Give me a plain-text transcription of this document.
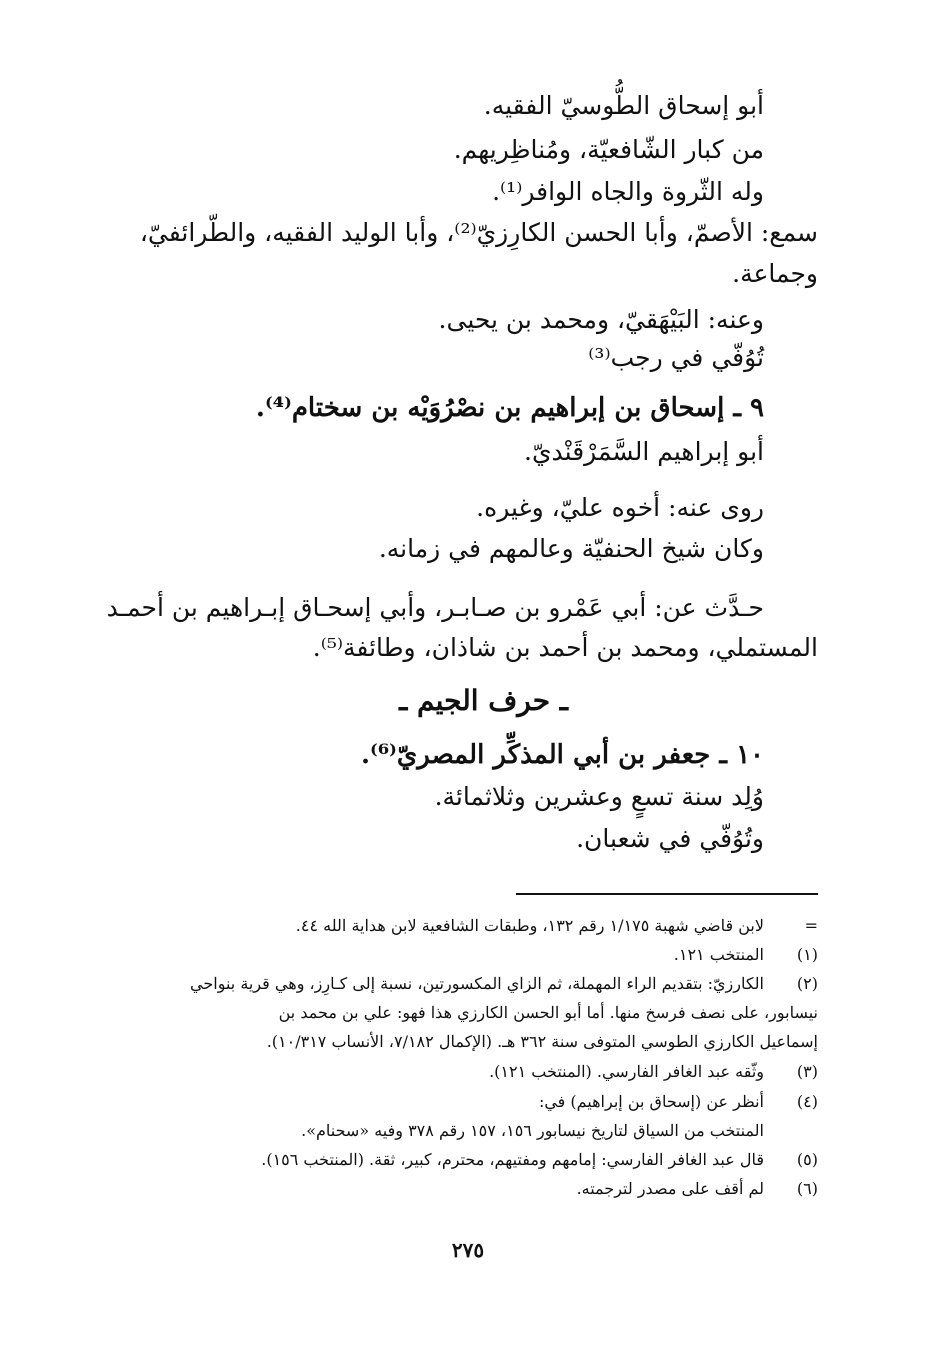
أبو إسحاق الطُّوسيّ الفقيه.
من كبار الشّافعيّة، ومُناظِريهم.
وله الثّروة والجاه الوافر⁽¹⁾.
سمع: الأصمّ، وأبا الحسن الكارِزيّ⁽²⁾، وأبا الوليد الفقيه، والطّرائفيّ،
وجماعة.
وعنه: البَيْهَقيّ، ومحمد بن يحيى.
تُوُفّي في رجب⁽³⁾
٩ ـ إسحاق بن إبراهيم بن نصْرُوَيْه بن سختام⁽⁴⁾.
أبو إبراهيم السَّمَرْقَنْديّ.
روى عنه: أخوه عليّ، وغيره.
وكان شيخ الحنفيّة وعالمهم في زمانه.
حـدَّث عن: أبي عَمْرو بن صـابـر، وأبي إسحـاق إبـراهيم بن أحمـد
المستملي، ومحمد بن أحمد بن شاذان، وطائفة⁽⁵⁾.
ـ حرف الجيم ـ
١٠ ـ جعفر بن أبي المذكِّر المصريّ⁽⁶⁾.
وُلِد سنة تسعٍ وعشرين وثلاثمائة.
وتُوُفّي في شعبان.
=
(١)
(٢)
(٣)
(٤)
(٥)
(٦)
لابن قاضي شهبة ١/١٧٥ رقم ١٣٢، وطبقات الشافعية لابن هداية الله ٤٤.
المنتخب ١٢١.
الكارزيّ: بتقديم الراء المهملة، ثم الزاي المكسورتين، نسبة إلى كـارِز، وهي قرية بنواحي
نيسابور، على نصف فرسخ منها. أما أبو الحسن الكارزي هذا فهو: علي بن محمد بن
إسماعيل الكارزي الطوسي المتوفى سنة ٣٦٢ هـ. (الإكمال ٧/١٨٢، الأنساب ١٠/٣١٧).
وثّقه عبد الغافر الفارسي. (المنتخب ١٢١).
أنظر عن (إسحاق بن إبراهيم) في:
المنتخب من السياق لتاريخ نيسابور ١٥٦، ١٥٧ رقم ٣٧٨ وفيه «سحنام».
قال عبد الغافر الفارسي: إمامهم ومفتيهم، محترم، كبير، ثقة. (المنتخب ١٥٦).
لم أقف على مصدر لترجمته.
٢٧٥
